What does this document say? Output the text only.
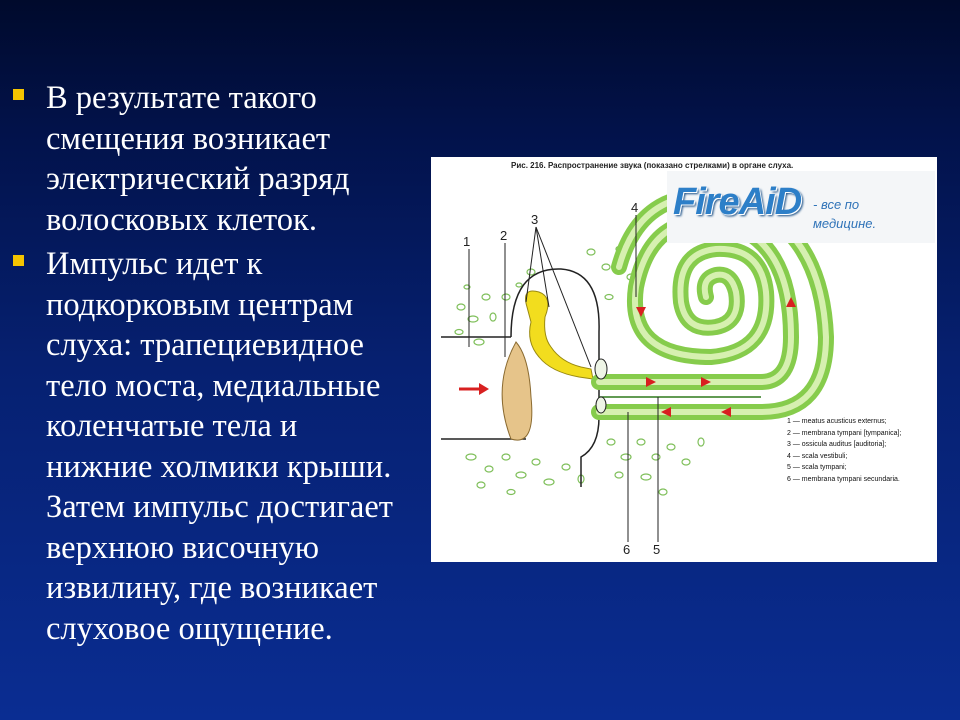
В результате такого
смещения возникает
электрический разряд
волосковых клеток.
Импульс идет к
подкорковым центрам
слуха: трапециевидное
тело моста, медиальные
коленчатые тела и
нижние холмики крыши.
Затем импульс достигает
верхнюю височную
извилину, где возникает
слуховое ощущение.
Рис. 216. Распространение звука (показано стрелками) в органе слуха.
1 2
3
4
5
6
FireAiD - все по
медицине.
1 — meatus acusticus externus;
2 — membrana tympani [tympanica];
3 — ossicula auditus [auditoria];
4 — scala vestibuli;
5 — scala tympani;
6 — membrana tympani secundaria.
